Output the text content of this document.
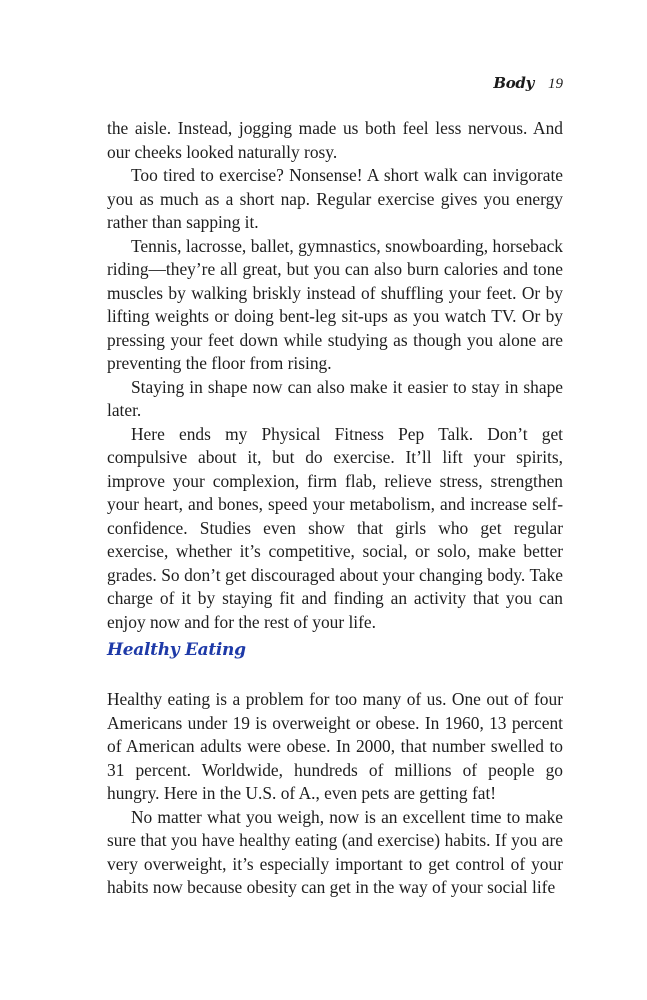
Body 19

the aisle. Instead, jogging made us both feel less nervous. And our cheeks looked naturally rosy.

Too tired to exercise? Nonsense! A short walk can invigorate you as much as a short nap. Regular exercise gives you energy rather than sapping it.

Tennis, lacrosse, ballet, gymnastics, snowboarding, horseback riding—they’re all great, but you can also burn calories and tone muscles by walking briskly instead of shuffling your feet. Or by lifting weights or doing bent-leg sit-ups as you watch TV. Or by pressing your feet down while studying as though you alone are preventing the floor from rising.

Staying in shape now can also make it easier to stay in shape later.

Here ends my Physical Fitness Pep Talk. Don’t get compulsive about it, but do exercise. It’ll lift your spirits, improve your complexion, firm flab, relieve stress, strengthen your heart, and bones, speed your metabolism, and increase self-confidence. Studies even show that girls who get regular exercise, whether it’s competitive, social, or solo, make better grades. So don’t get discouraged about your changing body. Take charge of it by staying fit and finding an activity that you can enjoy now and for the rest of your life.

Healthy Eating

Healthy eating is a problem for too many of us. One out of four Americans under 19 is overweight or obese. In 1960, 13 percent of American adults were obese. In 2000, that number swelled to 31 percent. Worldwide, hundreds of millions of people go hungry. Here in the U.S. of A., even pets are getting fat!

No matter what you weigh, now is an excellent time to make sure that you have healthy eating (and exercise) habits. If you are very overweight, it’s especially important to get control of your habits now because obesity can get in the way of your social life
